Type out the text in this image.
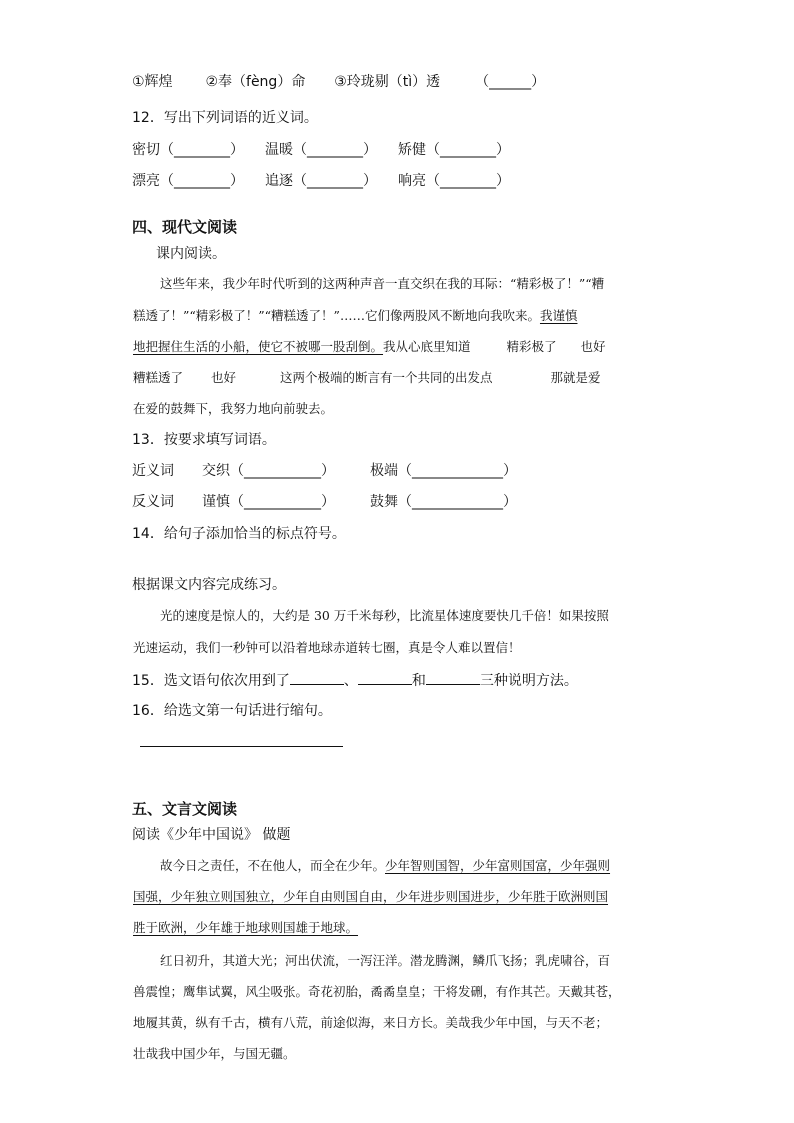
①辉煌 ②奉（fèng）命 ③玲珑剔（tì）透 （______）
12．写出下列词语的近义词。
密切（________） 温暖（________） 矫健（________）
漂亮（________） 追逐（________） 响亮（________）
四、现代文阅读
课内阅读。
这些年来，我少年时代听到的这两种声音一直交织在我的耳际：“精彩极了！”“糟
糕透了！”“精彩极了！”“糟糕透了！”……它们像两股风不断地向我吹来。我谨慎
地把握住生活的小船，使它不被哪一股刮倒。我从心底里知道	精彩极了 也好
糟糕透了 也好	这两个极端的断言有一个共同的出发点	那就是爱
在爱的鼓舞下，我努力地向前驶去。
13．按要求填写词语。
近义词 交织（___________）	极端（_____________）
反义词 谨慎（___________）	鼓舞（_____________）
14．给句子添加恰当的标点符号。
根据课文内容完成练习。
光的速度是惊人的，大约是 30 万千米每秒，比流星体速度要快几千倍！如果按照
光速运动，我们一秒钟可以沿着地球赤道转七圈，真是令人难以置信！
15．选文语句依次用到了	、	和	三种说明方法。
16．给选文第一句话进行缩句。
五、文言文阅读
阅读《少年中国说》 做题
故今日之责任，不在他人，而全在少年。少年智则国智，少年富则国富，少年强则
国强，少年独立则国独立，少年自由则国自由，少年进步则国进步，少年胜于欧洲则国
胜于欧洲，少年雄于地球则国雄于地球。
红日初升，其道大光；河出伏流，一泻汪洋。潜龙腾渊，鳞爪飞扬；乳虎啸谷，百
兽震惶；鹰隼试翼，风尘吸张。奇花初胎，矞矞皇皇；干将发硎，有作其芒。天戴其苍，
地履其黄，纵有千古，横有八荒，前途似海，来日方长。美哉我少年中国，与天不老；
壮哉我中国少年，与国无疆。
